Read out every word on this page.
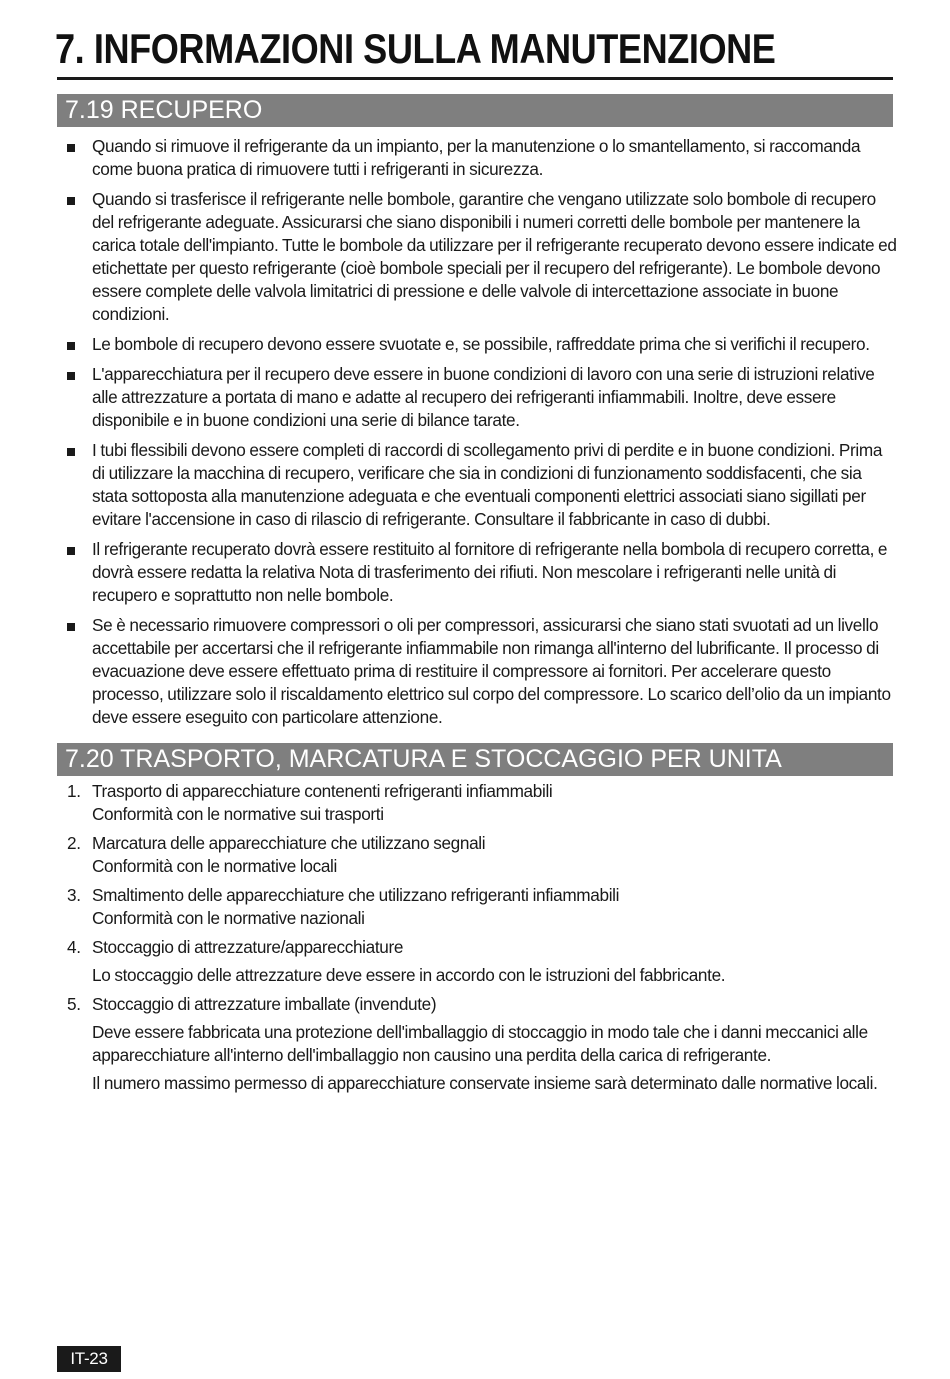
7. INFORMAZIONI SULLA MANUTENZIONE
7.19 RECUPERO
Quando si rimuove il refrigerante da un impianto, per la manutenzione o lo smantellamento, si raccomanda come buona pratica di rimuovere tutti i refrigeranti in sicurezza.
Quando si trasferisce il refrigerante nelle bombole, garantire che vengano utilizzate solo bombole di recupero del refrigerante adeguate. Assicurarsi che siano disponibili i numeri corretti delle bombole per mantenere la carica totale dell'impianto. Tutte le bombole da utilizzare per il refrigerante recuperato devono essere indicate ed etichettate per questo refrigerante (cioè bombole speciali per il recupero del refrigerante). Le bombole devono essere complete delle valvola limitatrici di pressione e delle valvole di intercettazione associate in buone condizioni.
Le bombole di recupero devono essere svuotate e, se possibile, raffreddate prima che si verifichi il recupero.
L'apparecchiatura per il recupero deve essere in buone condizioni di lavoro con una serie di istruzioni relative alle attrezzature a portata di mano e adatte al recupero dei refrigeranti infiammabili. Inoltre, deve essere disponibile e in buone condizioni una serie di bilance tarate.
I tubi flessibili devono essere completi di raccordi di scollegamento privi di perdite e in buone condizioni. Prima di utilizzare la macchina di recupero, verificare che sia in condizioni di funzionamento soddisfacenti, che sia stata sottoposta alla manutenzione adeguata e che eventuali componenti elettrici associati siano sigillati per evitare l'accensione in caso di rilascio di refrigerante. Consultare il fabbricante in caso di dubbi.
Il refrigerante recuperato dovrà essere restituito al fornitore di refrigerante nella bombola di recupero corretta, e dovrà essere redatta la relativa Nota di trasferimento dei rifiuti. Non mescolare i refrigeranti nelle unità di recupero e soprattutto non nelle bombole.
Se è necessario rimuovere compressori o oli per compressori, assicurarsi che siano stati svuotati ad un livello accettabile per accertarsi che il refrigerante infiammabile non rimanga all'interno del lubrificante. Il processo di evacuazione deve essere effettuato prima di restituire il compressore ai fornitori. Per accelerare questo processo, utilizzare solo il riscaldamento elettrico sul corpo del compressore. Lo scarico dell’olio da un impianto deve essere eseguito con particolare attenzione.
7.20 TRASPORTO, MARCATURA E STOCCAGGIO PER UNITA
1. Trasporto di apparecchiature contenenti refrigeranti infiammabili
Conformità con le normative sui trasporti
2. Marcatura delle apparecchiature che utilizzano segnali
Conformità con le normative locali
3. Smaltimento delle apparecchiature che utilizzano refrigeranti infiammabili
Conformità con le normative nazionali
4. Stoccaggio di attrezzature/apparecchiature
Lo stoccaggio delle attrezzature deve essere in accordo con le istruzioni del fabbricante.
5. Stoccaggio di attrezzature imballate (invendute)
Deve essere fabbricata una protezione dell'imballaggio di stoccaggio in modo tale che i danni meccanici alle apparecchiature all'interno dell'imballaggio non causino una perdita della carica di refrigerante.
Il numero massimo permesso di apparecchiature conservate insieme sarà determinato dalle normative locali.
IT-23
